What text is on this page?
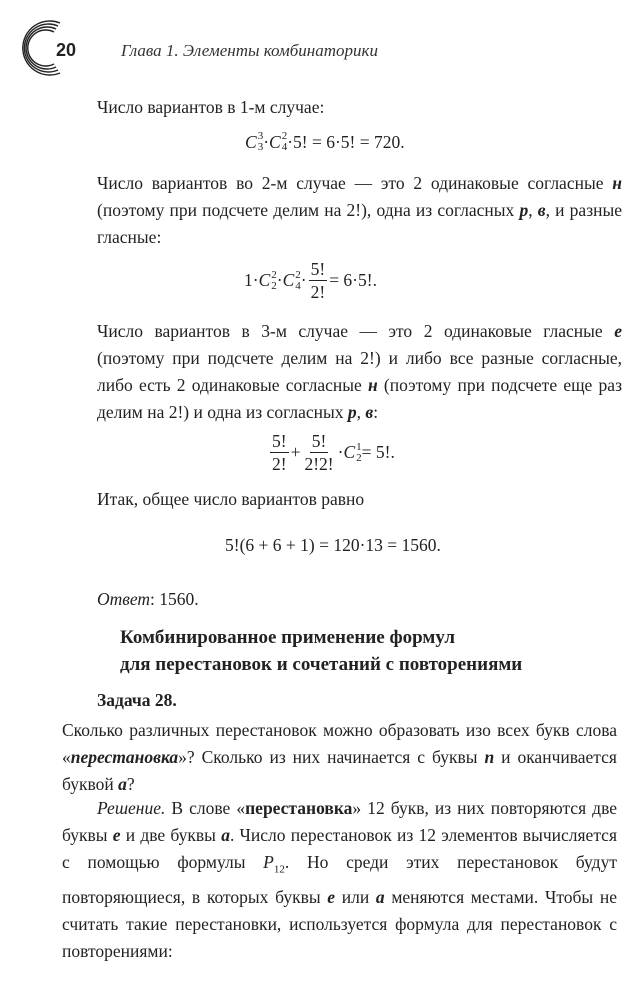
20	Глава 1. Элементы комбинаторики
Число вариантов в 1-м случае:
C 3
3 · C 2
4 ·5! = 6·5! = 720.
Число вариантов во 2-м случае — это 2 одинаковые согласные н (поэтому при подсчете делим на 2!), одна из согласных р, в, и разные гласные:
1· C 2
2 · C 2
$4 \cdot \frac{5!}{2!} = 6\cdot 5$!.
Число вариантов в 3-м случае — это 2 одинаковые гласные е (поэтому при подсчете делим на 2!) и либо все разные согласные, либо есть 2 одинаковые согласные н (поэтому при подсчете еще раз делим на 2!) и одна из согласных р, в:
$\frac{5!}{2!} + \frac{5!}{2!2!} \cdot C$ 1
2 = 5!.
Итак, общее число вариантов равно
5!(6 + 6 + 1) = 120·13 = 1560.
Ответ: 1560.
Комбинированное применение формул
для перестановок и сочетаний с повторениями
Задача 28.
Сколько различных перестановок можно образовать изо всех букв слова «перестановка»? Сколько из них начинается с буквы п и оканчивается буквой а?
Решение. В слове «перестановка» 12 букв, из них повторяются две буквы е и две буквы а. Число перестановок из 12 элементов вычисляется с помощью формулы $P_{12}$. Но среди этих перестановок будут повторяющиеся, в которых буквы е или а меняются местами. Чтобы не считать такие перестановки, используется формула для перестановок с повторениями:
